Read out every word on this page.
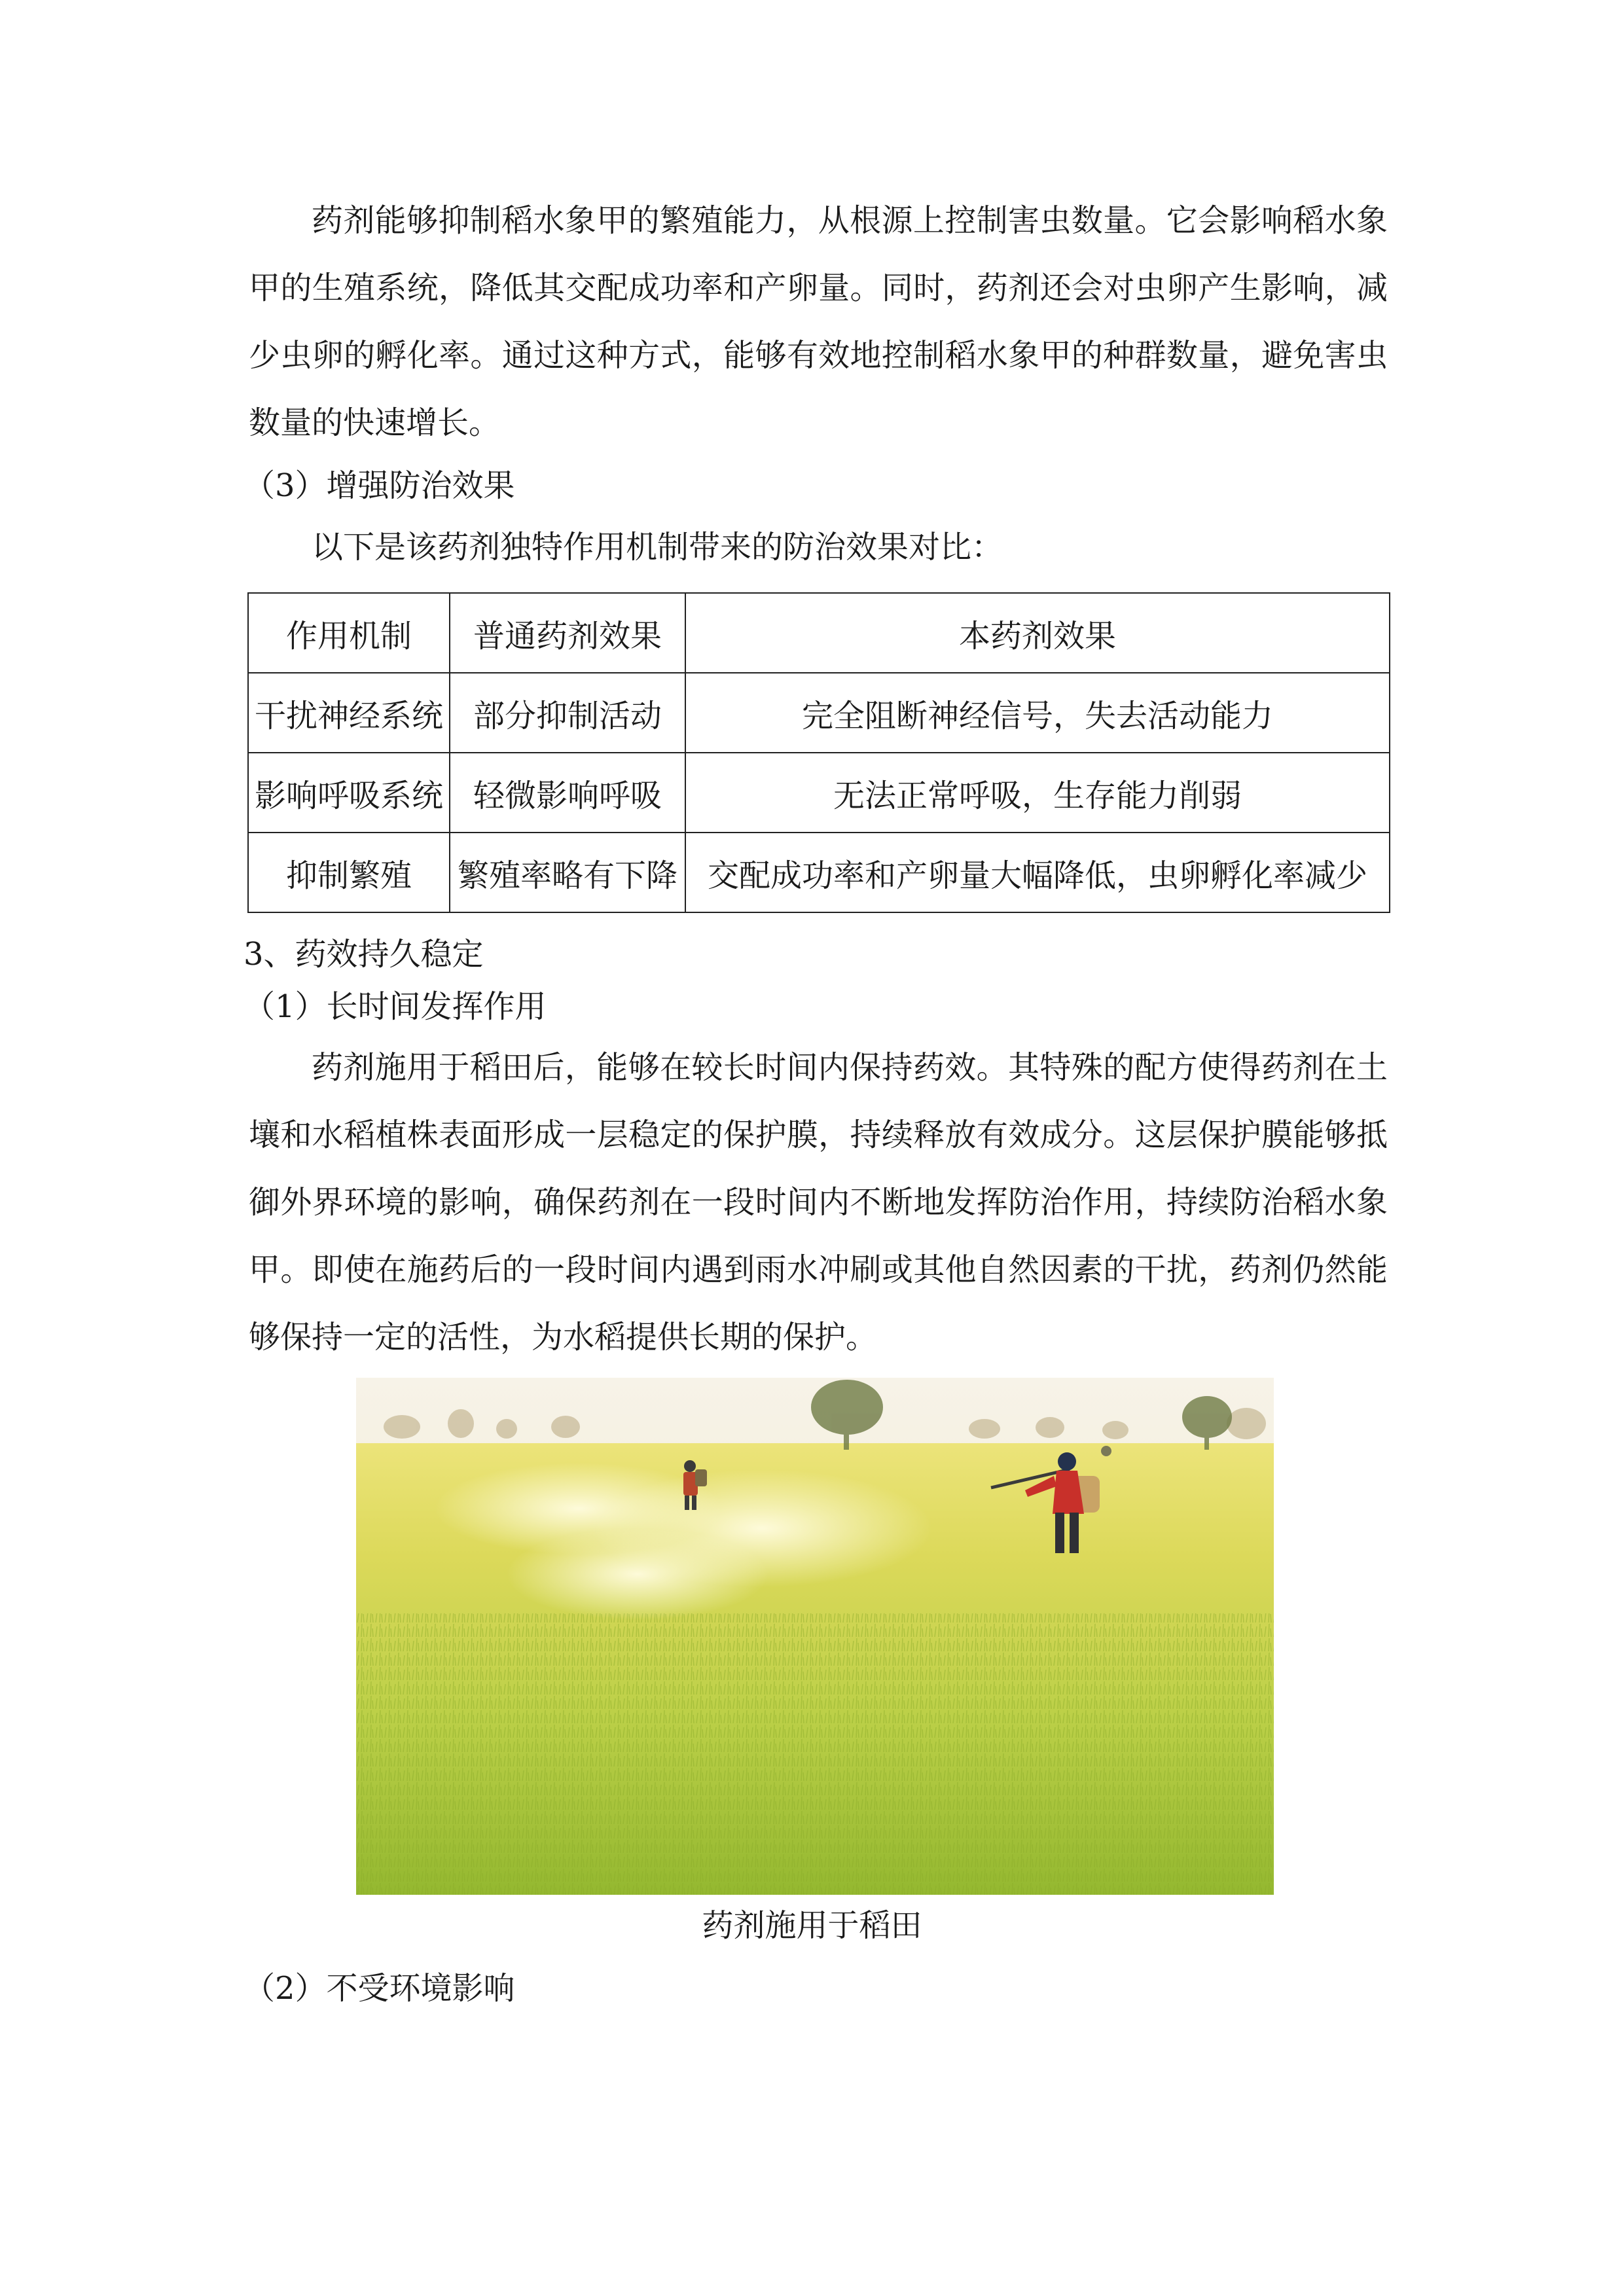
药剂能够抑制稻水象甲的繁殖能力，从根源上控制害虫数量。它会影响稻水象甲的生殖系统，降低其交配成功率和产卵量。同时，药剂还会对虫卵产生影响，减少虫卵的孵化率。通过这种方式，能够有效地控制稻水象甲的种群数量，避免害虫数量的快速增长。

（3）增强防治效果

以下是该药剂独特作用机制带来的防治效果对比：

作用机制	普通药剂效果	本药剂效果
干扰神经系统	部分抑制活动	完全阻断神经信号，失去活动能力
影响呼吸系统	轻微影响呼吸	无法正常呼吸，生存能力削弱
抑制繁殖	繁殖率略有下降	交配成功率和产卵量大幅降低，虫卵孵化率减少

3、药效持久稳定

（1）长时间发挥作用

药剂施用于稻田后，能够在较长时间内保持药效。其特殊的配方使得药剂在土壤和水稻植株表面形成一层稳定的保护膜，持续释放有效成分。这层保护膜能够抵御外界环境的影响，确保药剂在一段时间内不断地发挥防治作用，持续防治稻水象甲。即使在施药后的一段时间内遇到雨水冲刷或其他自然因素的干扰，药剂仍然能够保持一定的活性，为水稻提供长期的保护。

药剂施用于稻田

（2）不受环境影响
